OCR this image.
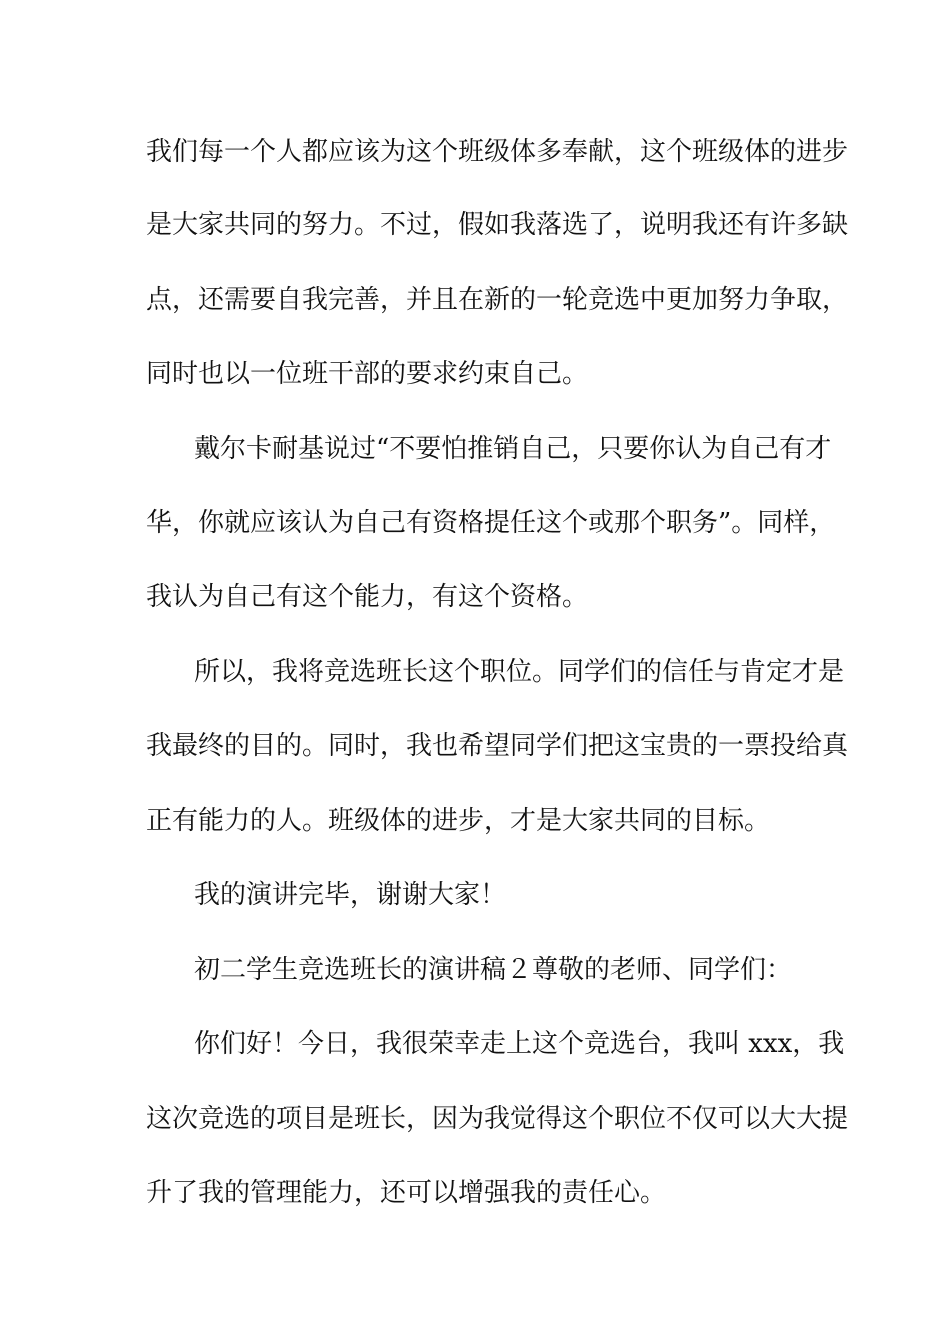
我们每一个人都应该为这个班级体多奉献，这个班级体的进步
是大家共同的努力。不过，假如我落选了，说明我还有许多缺
点，还需要自我完善，并且在新的一轮竞选中更加努力争取，
同时也以一位班干部的要求约束自己。
戴尔卡耐基说过“不要怕推销自己，只要你认为自己有才
华，你就应该认为自己有资格提任这个或那个职务”。同样，
我认为自己有这个能力，有这个资格。
所以，我将竞选班长这个职位。同学们的信任与肯定才是
我最终的目的。同时，我也希望同学们把这宝贵的一票投给真
正有能力的人。班级体的进步，才是大家共同的目标。
我的演讲完毕，谢谢大家！
初二学生竞选班长的演讲稿２尊敬的老师、同学们：
你们好！今日，我很荣幸走上这个竞选台，我叫 xxx，我
这次竞选的项目是班长，因为我觉得这个职位不仅可以大大提
升了我的管理能力，还可以增强我的责任心。
